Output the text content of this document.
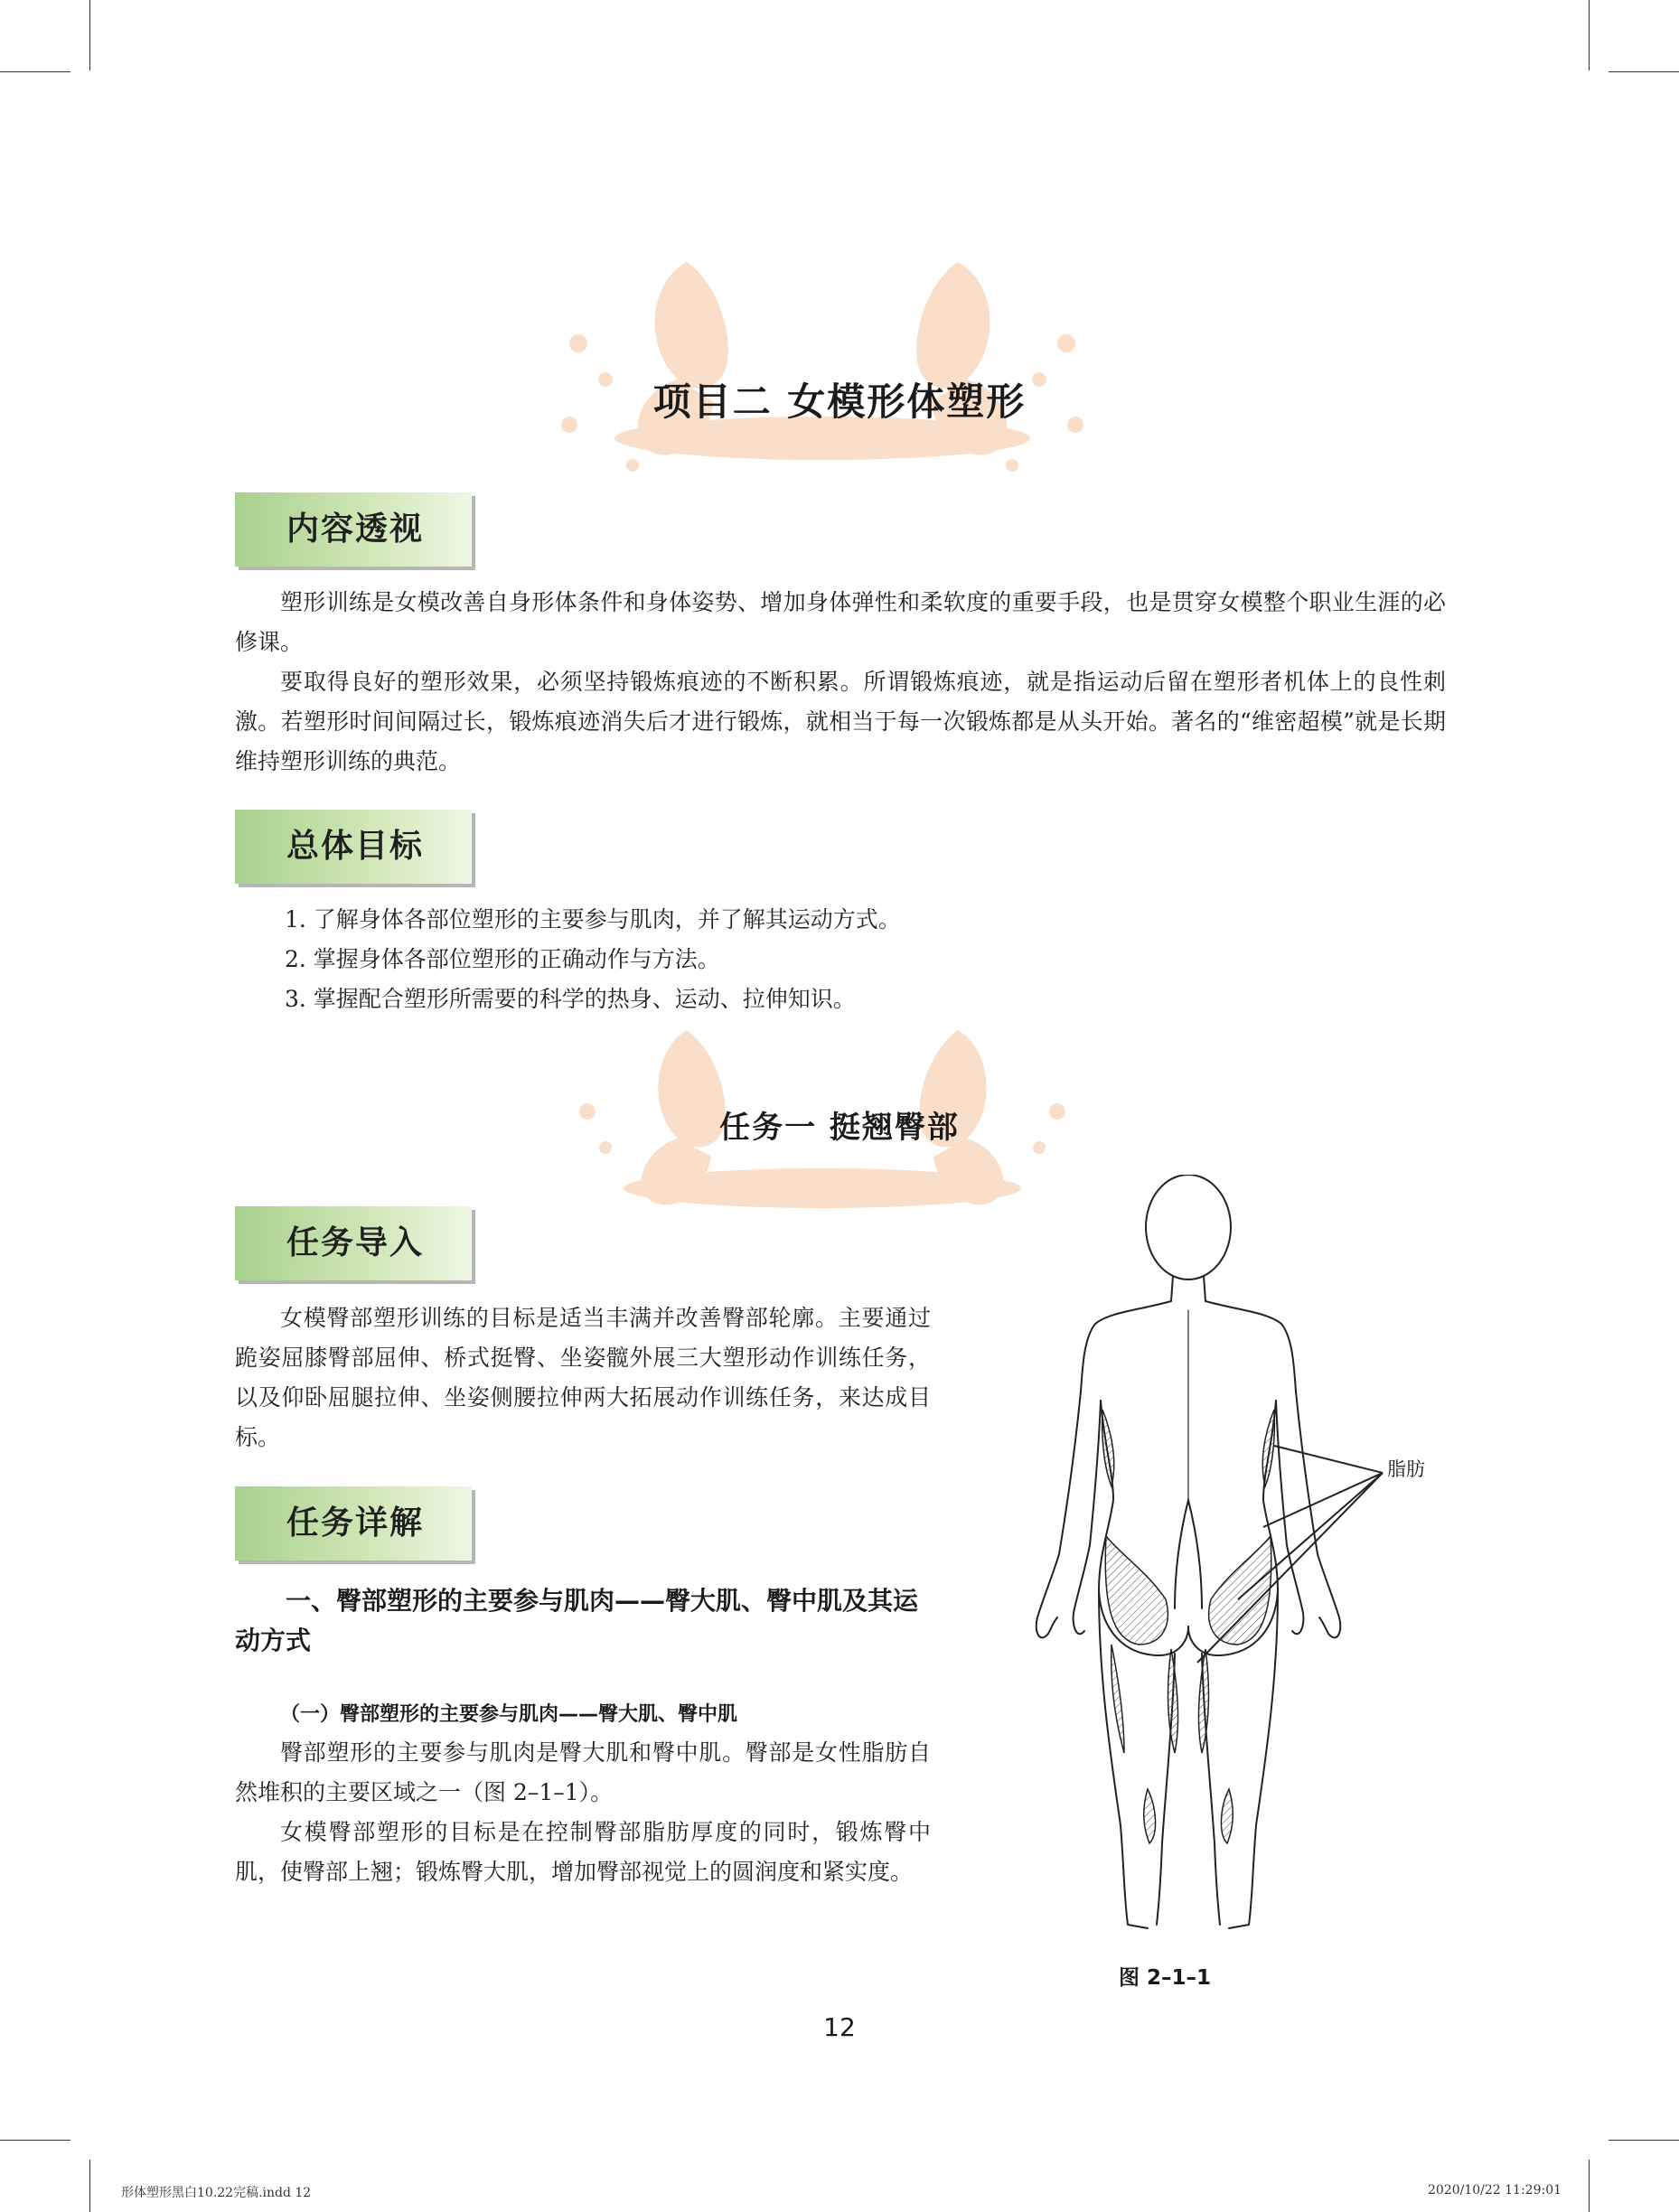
项目二 女模形体塑形
内容透视
塑形训练是女模改善自身形体条件和身体姿势、增加身体弹性和柔软度的重要手段，也是贯穿女模整个职业生涯的必修课。
要取得良好的塑形效果，必须坚持锻炼痕迹的不断积累。所谓锻炼痕迹，就是指运动后留在塑形者机体上的良性刺激。若塑形时间间隔过长，锻炼痕迹消失后才进行锻炼，就相当于每一次锻炼都是从头开始。著名的“维密超模”就是长期维持塑形训练的典范。
总体目标
1. 了解身体各部位塑形的主要参与肌肉，并了解其运动方式。
2. 掌握身体各部位塑形的正确动作与方法。
3. 掌握配合塑形所需要的科学的热身、运动、拉伸知识。
任务一 挺翘臀部
任务导入
女模臀部塑形训练的目标是适当丰满并改善臀部轮廓。主要通过跪姿屈膝臀部屈伸、桥式挺臀、坐姿髋外展三大塑形动作训练任务，以及仰卧屈腿拉伸、坐姿侧腰拉伸两大拓展动作训练任务，来达成目标。
任务详解
一、臀部塑形的主要参与肌肉——臀大肌、臀中肌及其运动方式
（一）臀部塑形的主要参与肌肉——臀大肌、臀中肌
臀部塑形的主要参与肌肉是臀大肌和臀中肌。臀部是女性脂肪自然堆积的主要区域之一（图 2–1–1）。
女模臀部塑形的目标是在控制臀部脂肪厚度的同时，锻炼臀中肌，使臀部上翘；锻炼臀大肌，增加臀部视觉上的圆润度和紧实度。
脂肪
图 2–1–1
12
形体塑形黑白10.22完稿.indd 12	2020/10/22 11:29:01
